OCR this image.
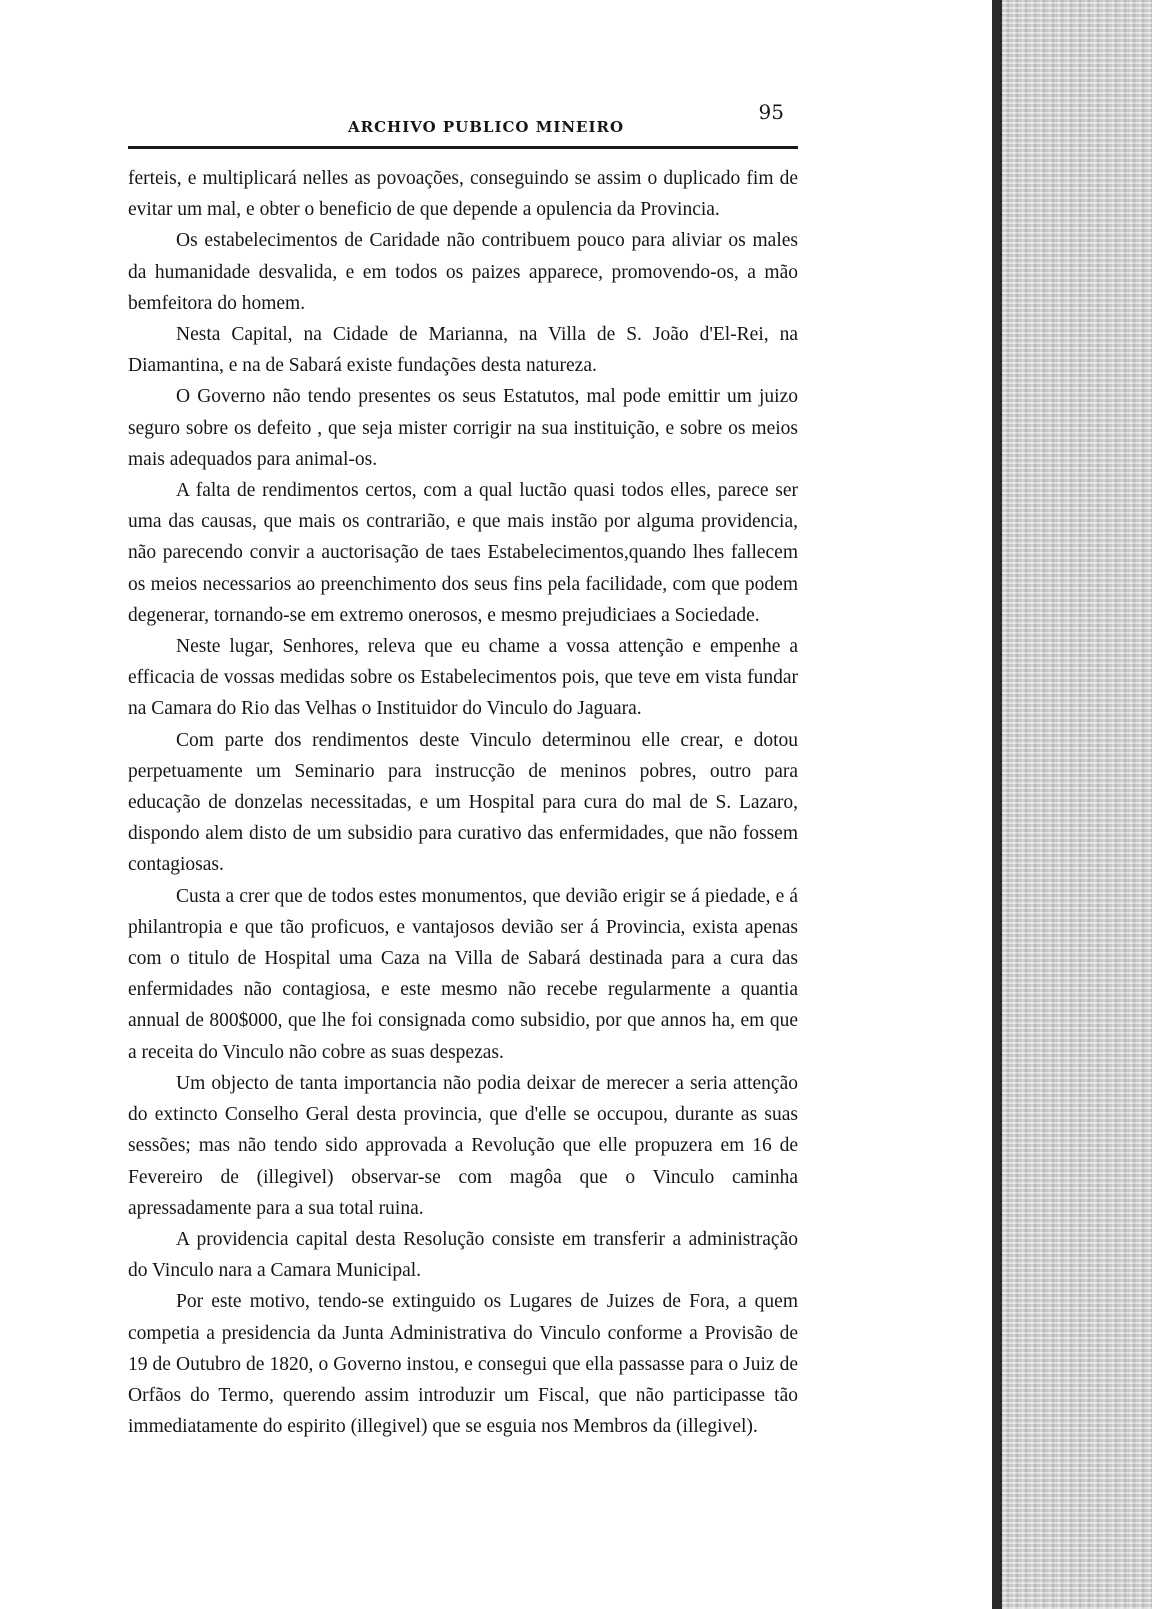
ARCHIVO PUBLICO MINEIRO
95

ferteis, e multiplicará nelles as povoações, conseguindo se assim o duplicado fim de evitar um mal, e obter o beneficio de que depende a opulencia da Provincia.

Os estabelecimentos de Caridade não contribuem pouco para aliviar os males da humanidade desvalida, e em todos os paizes apparece, promovendo-os, a mão bemfeitora do homem.

Nesta Capital, na Cidade de Marianna, na Villa de S. João d'El-Rei, na Diamantina, e na de Sabará existe fundações desta natureza.

O Governo não tendo presentes os seus Estatutos, mal pode emittir um juizo seguro sobre os defeito , que seja mister corrigir na sua instituição, e sobre os meios mais adequados para animal-os.

A falta de rendimentos certos, com a qual luctão quasi todos elles, parece ser uma das causas, que mais os contrarião, e que mais instão por alguma providencia, não parecendo convir a auctorisação de taes Estabelecimentos,quando lhes fallecem os meios necessarios ao preenchimento dos seus fins pela facilidade, com que podem degenerar, tornando-se em extremo onerosos, e mesmo prejudiciaes a Sociedade.

Neste lugar, Senhores, releva que eu chame a vossa attenção e empenhe a efficacia de vossas medidas sobre os Estabelecimentos pois, que teve em vista fundar na Camara do Rio das Velhas o Instituidor do Vinculo do Jaguara.

Com parte dos rendimentos deste Vinculo determinou elle crear, e dotou perpetuamente um Seminario para instrucção de meninos pobres, outro para educação de donzelas necessitadas, e um Hospital para cura do mal de S. Lazaro, dispondo alem disto de um subsidio para curativo das enfermidades, que não fossem contagiosas.

Custa a crer que de todos estes monumentos, que devião erigir se á piedade, e á philantropia e que tão proficuos, e vantajosos devião ser á Provincia, exista apenas com o titulo de Hospital uma Caza na Villa de Sabará destinada para a cura das enfermidades não contagiosa, e este mesmo não recebe regularmente a quantia annual de 800$000, que lhe foi consignada como subsidio, por que annos ha, em que a receita do Vinculo não cobre as suas despezas.

Um objecto de tanta importancia não podia deixar de merecer a seria attenção do extincto Conselho Geral desta provincia, que d'elle se occupou, durante as suas sessões; mas não tendo sido approvada a Revolução que elle propuzera em 16 de Fevereiro de (illegivel) observar-se com magôa que o Vinculo caminha apressadamente para a sua total ruina.

A providencia capital desta Resolução consiste em transferir a administração do Vinculo nara a Camara Municipal.

Por este motivo, tendo-se extinguido os Lugares de Juizes de Fora, a quem competia a presidencia da Junta Administrativa do Vinculo conforme a Provisão de 19 de Outubro de 1820, o Governo instou, e consegui que ella passasse para o Juiz de Orfãos do Termo, querendo assim introduzir um Fiscal, que não participasse tão immediatamente do espirito (illegivel) que se esguia nos Membros da (illegivel).
